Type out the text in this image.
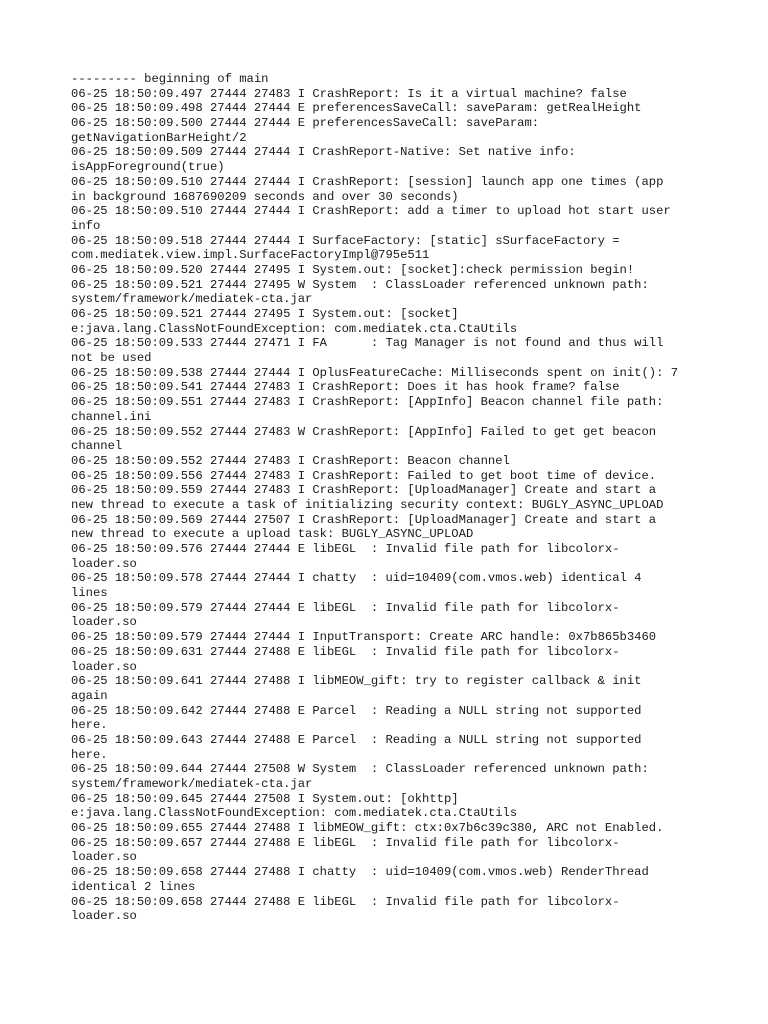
--------- beginning of main
06-25 18:50:09.497 27444 27483 I CrashReport: Is it a virtual machine? false
06-25 18:50:09.498 27444 27444 E preferencesSaveCall: saveParam: getRealHeight
06-25 18:50:09.500 27444 27444 E preferencesSaveCall: saveParam:
getNavigationBarHeight/2
06-25 18:50:09.509 27444 27444 I CrashReport-Native: Set native info:
isAppForeground(true)
06-25 18:50:09.510 27444 27444 I CrashReport: [session] launch app one times (app
in background 1687690209 seconds and over 30 seconds)
06-25 18:50:09.510 27444 27444 I CrashReport: add a timer to upload hot start user
info
06-25 18:50:09.518 27444 27444 I SurfaceFactory: [static] sSurfaceFactory =
com.mediatek.view.impl.SurfaceFactoryImpl@795e511
06-25 18:50:09.520 27444 27495 I System.out: [socket]:check permission begin!
06-25 18:50:09.521 27444 27495 W System  : ClassLoader referenced unknown path:
system/framework/mediatek-cta.jar
06-25 18:50:09.521 27444 27495 I System.out: [socket]
e:java.lang.ClassNotFoundException: com.mediatek.cta.CtaUtils
06-25 18:50:09.533 27444 27471 I FA      : Tag Manager is not found and thus will
not be used
06-25 18:50:09.538 27444 27444 I OplusFeatureCache: Milliseconds spent on init(): 7
06-25 18:50:09.541 27444 27483 I CrashReport: Does it has hook frame? false
06-25 18:50:09.551 27444 27483 I CrashReport: [AppInfo] Beacon channel file path:
channel.ini
06-25 18:50:09.552 27444 27483 W CrashReport: [AppInfo] Failed to get get beacon
channel
06-25 18:50:09.552 27444 27483 I CrashReport: Beacon channel
06-25 18:50:09.556 27444 27483 I CrashReport: Failed to get boot time of device.
06-25 18:50:09.559 27444 27483 I CrashReport: [UploadManager] Create and start a
new thread to execute a task of initializing security context: BUGLY_ASYNC_UPLOAD
06-25 18:50:09.569 27444 27507 I CrashReport: [UploadManager] Create and start a
new thread to execute a upload task: BUGLY_ASYNC_UPLOAD
06-25 18:50:09.576 27444 27444 E libEGL  : Invalid file path for libcolorx-
loader.so
06-25 18:50:09.578 27444 27444 I chatty  : uid=10409(com.vmos.web) identical 4
lines
06-25 18:50:09.579 27444 27444 E libEGL  : Invalid file path for libcolorx-
loader.so
06-25 18:50:09.579 27444 27444 I InputTransport: Create ARC handle: 0x7b865b3460
06-25 18:50:09.631 27444 27488 E libEGL  : Invalid file path for libcolorx-
loader.so
06-25 18:50:09.641 27444 27488 I libMEOW_gift: try to register callback & init
again
06-25 18:50:09.642 27444 27488 E Parcel  : Reading a NULL string not supported
here.
06-25 18:50:09.643 27444 27488 E Parcel  : Reading a NULL string not supported
here.
06-25 18:50:09.644 27444 27508 W System  : ClassLoader referenced unknown path:
system/framework/mediatek-cta.jar
06-25 18:50:09.645 27444 27508 I System.out: [okhttp]
e:java.lang.ClassNotFoundException: com.mediatek.cta.CtaUtils
06-25 18:50:09.655 27444 27488 I libMEOW_gift: ctx:0x7b6c39c380, ARC not Enabled.
06-25 18:50:09.657 27444 27488 E libEGL  : Invalid file path for libcolorx-
loader.so
06-25 18:50:09.658 27444 27488 I chatty  : uid=10409(com.vmos.web) RenderThread
identical 2 lines
06-25 18:50:09.658 27444 27488 E libEGL  : Invalid file path for libcolorx-
loader.so
